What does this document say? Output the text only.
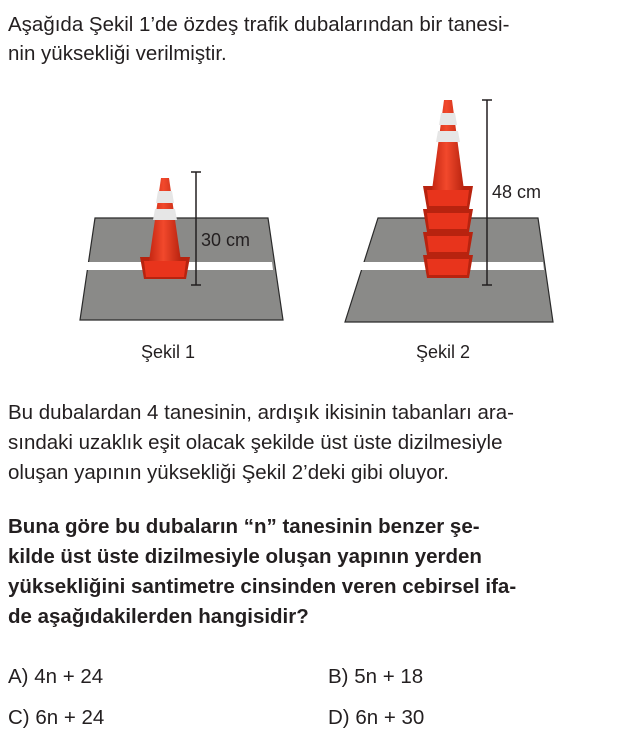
Aşağıda Şekil 1’de özdeş trafik dubalarından bir tanesi-
nin yüksekliği verilmiştir.
30 cm
48 cm
Şekil 1	Şekil 2
Bu dubalardan 4 tanesinin, ardışık ikisinin tabanları ara-
sındaki uzaklık eşit olacak şekilde üst üste dizilmesiyle
oluşan yapının yüksekliği Şekil 2’deki gibi oluyor.
Buna göre bu dubaların “n” tanesinin benzer şe-
kilde üst üste dizilmesiyle oluşan yapının yerden
yüksekliğini santimetre cinsinden veren cebirsel ifa-
de aşağıdakilerden hangisidir?
A) 4n + 24	B) 5n + 18
C) 6n + 24	D) 6n + 30
